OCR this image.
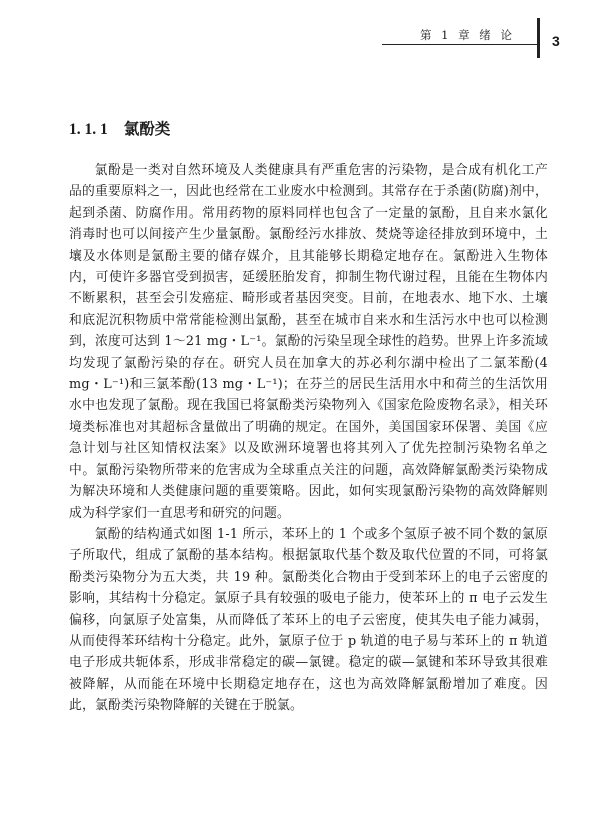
第 1 章 绪 论	3
1. 1. 1 氯酚类

氯酚是一类对自然环境及人类健康具有严重危害的污染物，是合成有机化工产品的重要原料之一，因此也经常在工业废水中检测到。其常存在于杀菌(防腐)剂中，起到杀菌、防腐作用。常用药物的原料同样也包含了一定量的氯酚，且自来水氯化消毒时也可以间接产生少量氯酚。氯酚经污水排放、焚烧等途径排放到环境中，土壤及水体则是氯酚主要的储存媒介，且其能够长期稳定地存在。氯酚进入生物体内，可使许多器官受到损害，延缓胚胎发育，抑制生物代谢过程，且能在生物体内不断累积，甚至会引发癌症、畸形或者基因突变。目前，在地表水、地下水、土壤和底泥沉积物质中常常能检测出氯酚，甚至在城市自来水和生活污水中也可以检测到，浓度可达到 1～21 mg・L⁻¹。氯酚的污染呈现全球性的趋势。世界上许多流域均发现了氯酚污染的存在。研究人员在加拿大的苏必利尔湖中检出了二氯苯酚(4 mg・L⁻¹)和三氯苯酚(13 mg・L⁻¹)；在芬兰的居民生活用水中和荷兰的生活饮用水中也发现了氯酚。现在我国已将氯酚类污染物列入《国家危险废物名录》，相关环境类标准也对其超标含量做出了明确的规定。在国外，美国国家环保署、美国《应急计划与社区知情权法案》以及欧洲环境署也将其列入了优先控制污染物名单之中。氯酚污染物所带来的危害成为全球重点关注的问题，高效降解氯酚类污染物成为解决环境和人类健康问题的重要策略。因此，如何实现氯酚污染物的高效降解则成为科学家们一直思考和研究的问题。

氯酚的结构通式如图 1-1 所示，苯环上的 1 个或多个氢原子被不同个数的氯原子所取代，组成了氯酚的基本结构。根据氯取代基个数及取代位置的不同，可将氯酚类污染物分为五大类，共 19 种。氯酚类化合物由于受到苯环上的电子云密度的影响，其结构十分稳定。氯原子具有较强的吸电子能力，使苯环上的 π 电子云发生偏移，向氯原子处富集，从而降低了苯环上的电子云密度，使其失电子能力减弱，从而使得苯环结构十分稳定。此外，氯原子位于 p 轨道的电子易与苯环上的 π 轨道电子形成共轭体系，形成非常稳定的碳—氯键。稳定的碳—氯键和苯环导致其很难被降解，从而能在环境中长期稳定地存在，这也为高效降解氯酚增加了难度。因此，氯酚类污染物降解的关键在于脱氯。
